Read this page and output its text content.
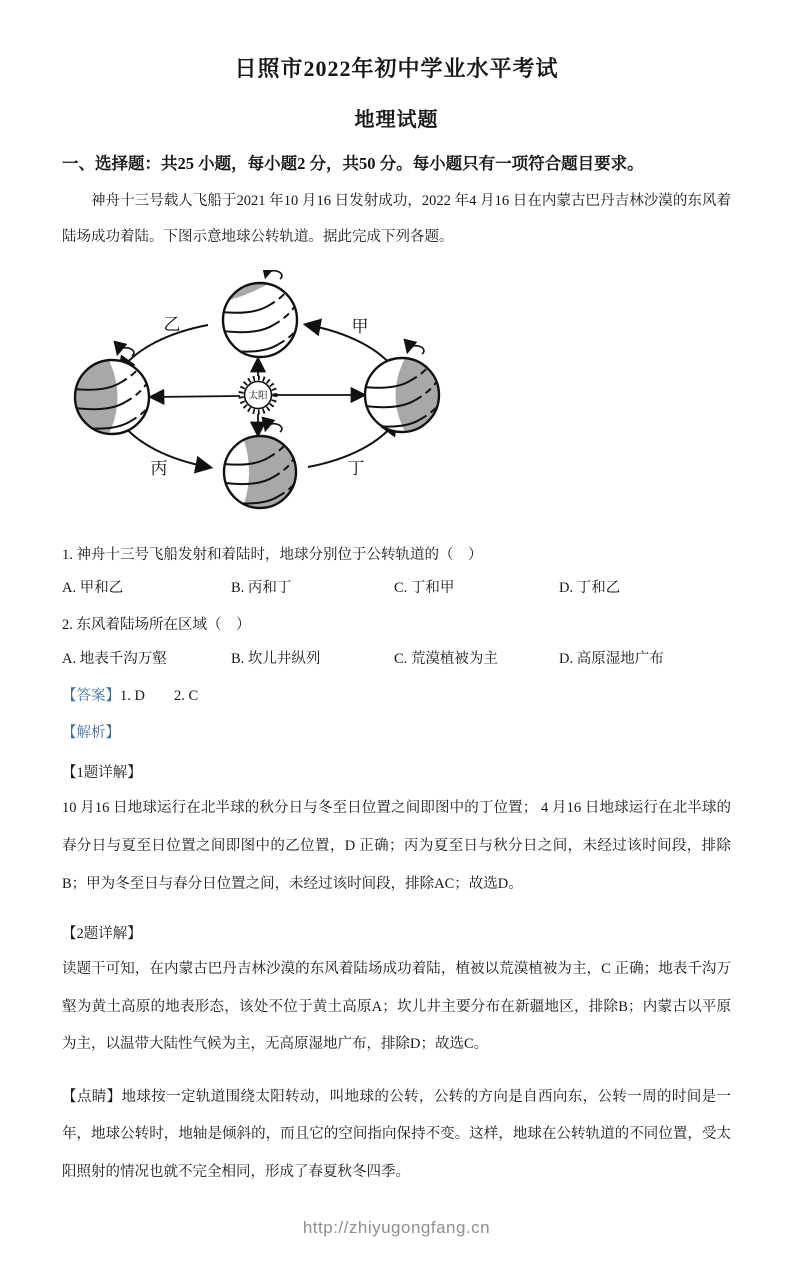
日照市2022年初中学业水平考试
地理试题
一、选择题：共25 小题，每小题2 分，共50 分。每小题只有一项符合题目要求。

神舟十三号载人飞船于2021 年10 月16 日发射成功，2022 年4 月16 日在内蒙古巴丹吉林沙漠的东风着陆场成功着陆。下图示意地球公转轨道。据此完成下列各题。

太阳
乙	甲
丙	丁
1. 神舟十三号飞船发射和着陆时，地球分别位于公转轨道的（　）
A. 甲和乙	B. 丙和丁	C. 丁和甲	D. 丁和乙
2. 东风着陆场所在区域（　）
A. 地表千沟万壑	B. 坎儿井纵列	C. 荒漠植被为主	D. 高原湿地广布
【答案】1. D　　2. C
【解析】
【1题详解】

10 月16 日地球运行在北半球的秋分日与冬至日位置之间即图中的丁位置； 4 月16 日地球运行在北半球的春分日与夏至日位置之间即图中的乙位置，D 正确；丙为夏至日与秋分日之间，未经过该时间段，排除B；甲为冬至日与春分日位置之间，未经过该时间段，排除AC；故选D。

【2题详解】

读题干可知，在内蒙古巴丹吉林沙漠的东风着陆场成功着陆，植被以荒漠植被为主，C 正确；地表千沟万壑为黄土高原的地表形态，该处不位于黄土高原A；坎儿井主要分布在新疆地区，排除B；内蒙古以平原为主，以温带大陆性气候为主，无高原湿地广布，排除D；故选C。

【点睛】地球按一定轨道围绕太阳转动，叫地球的公转，公转的方向是自西向东，公转一周的时间是一年，地球公转时，地轴是倾斜的，而且它的空间指向保持不变。这样，地球在公转轨道的不同位置，受太阳照射的情况也就不完全相同，形成了春夏秋冬四季。

http://zhiyugongfang.cn
